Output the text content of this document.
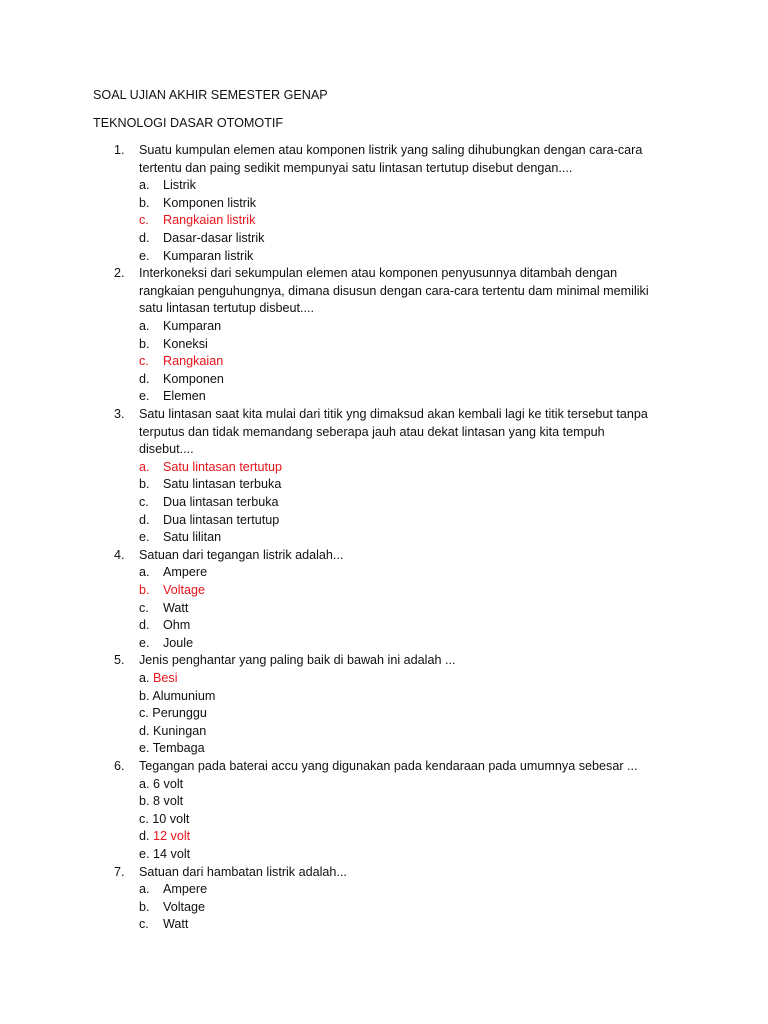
SOAL UJIAN AKHIR SEMESTER GENAP
TEKNOLOGI DASAR OTOMOTIF
1. Suatu kumpulan elemen atau komponen listrik yang saling dihubungkan dengan cara-cara
tertentu dan paing sedikit mempunyai satu lintasan tertutup disebut dengan....
a. Listrik
b. Komponen listrik
c. Rangkaian listrik
d. Dasar-dasar listrik
e. Kumparan listrik
2. Interkoneksi dari sekumpulan elemen atau komponen penyusunnya ditambah dengan
rangkaian penguhungnya, dimana disusun dengan cara-cara tertentu dam minimal memiliki
satu lintasan tertutup disbeut....
a. Kumparan
b. Koneksi
c. Rangkaian
d. Komponen
e. Elemen
3. Satu lintasan saat kita mulai dari titik yng dimaksud akan kembali lagi ke titik tersebut tanpa
terputus dan tidak memandang seberapa jauh atau dekat lintasan yang kita tempuh
disebut....
a. Satu lintasan tertutup
b. Satu lintasan terbuka
c. Dua lintasan terbuka
d. Dua lintasan tertutup
e. Satu lilitan
4. Satuan dari tegangan listrik adalah...
a. Ampere
b. Voltage
c. Watt
d. Ohm
e. Joule
5. Jenis penghantar yang paling baik di bawah ini adalah ...
a. Besi
b. Alumunium
c. Perunggu
d. Kuningan
e. Tembaga
6. Tegangan pada baterai accu yang digunakan pada kendaraan pada umumnya sebesar ...
a. 6 volt
b. 8 volt
c. 10 volt
d. 12 volt
e. 14 volt
7. Satuan dari hambatan listrik adalah...
a. Ampere
b. Voltage
c. Watt
